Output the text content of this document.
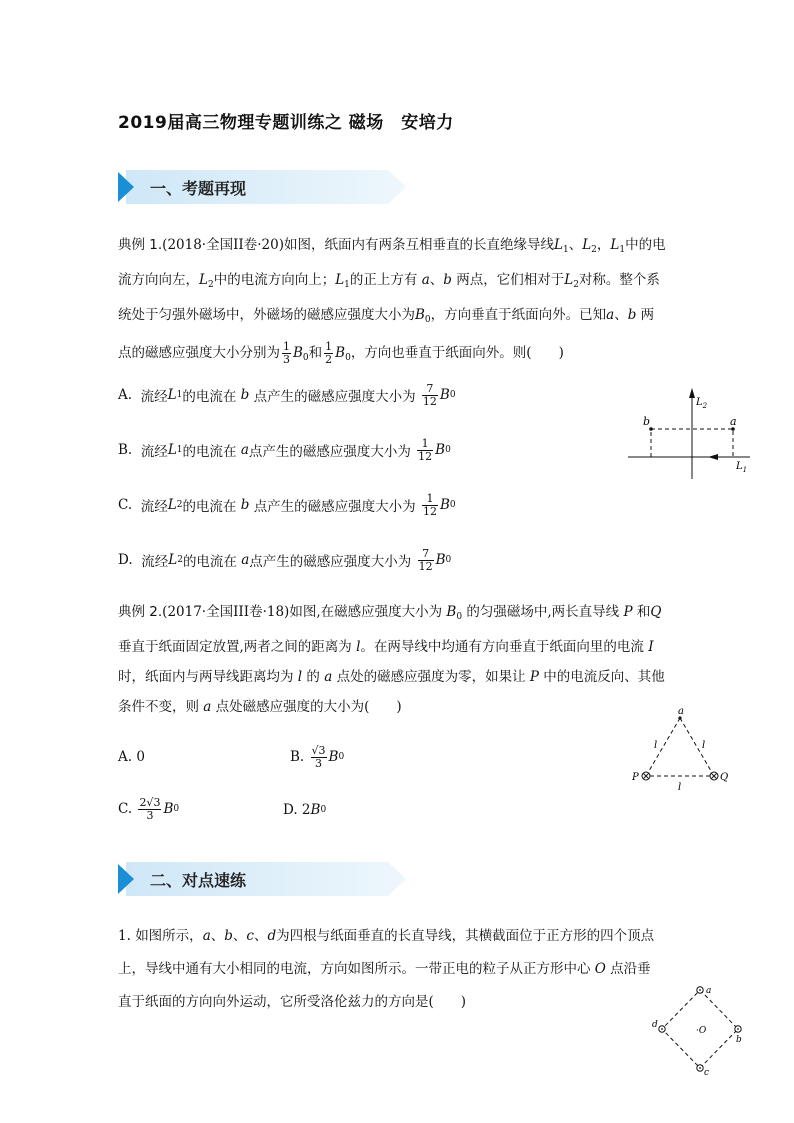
2019届高三物理专题训练之 磁场　安培力
一、考题再现

典例 1.(2018·全国II卷·20)如图，纸面内有两条互相垂直的长直绝缘导线$L_1$、$L_2$，$L_1$中的电

流方向向左，$L_2$中的电流方向向上；$L_1$的正上方有 a、b 两点，它们相对于$L_2$对称。整个系

统处于匀强外磁场中，外磁场的磁感应强度大小为$B_0$，方向垂直于纸面向外。已知a、b 两

点的磁感应强度大小分别为 $\frac{1}{3} B_0$和 $\frac{1}{2} B_0$，方向也垂直于纸面向外。则(　　)

A.
流经 L 1 的电流在
b
点产生的磁感应强度大小为
$\frac{7}{12}$ B 0
B.
流经 L 1 的电流在
a 点产生的磁感应强度大小为
$\frac{1}{12}$ B 0
C.
流经 L 2 的电流在
b
点产生的磁感应强度大小为
$\frac{1}{12}$ B 0
D.
流经 L 2 的电流在
a 点产生的磁感应强度大小为
$\frac{7}{12}$ B 0
b	a
$L_2$
$L_1$

典例 2.(2017·全国III卷·18)如图,在磁感应强度大小为 $B_0$ 的匀强磁场中,两长直导线 P 和Q

垂直于纸面固定放置,两者之间的距离为 l。在两导线中均通有方向垂直于纸面向里的电流 I

时，纸面内与两导线距离均为 l 的 a 点处的磁感应强度为零，如果让 P 中的电流反向、其他

条件不变，则 a 点处磁感应强度的大小为(　　)

A. 0	B.
$\frac{√3}{3}$ B 0
C.
$\frac{2√3}{3}$ B 0	D. 2 B 0
a
l	l
l
P	Q
二、对点速练

1. 如图所示，a、b、c、d为四根与纸面垂直的长直导线，其横截面位于正方形的四个顶点

上，导线中通有大小相同的电流，方向如图所示。一带正电的粒子从正方形中心 O 点沿垂

直于纸面的方向向外运动，它所受洛伦兹力的方向是(　　)

a
b
c
d
·O
